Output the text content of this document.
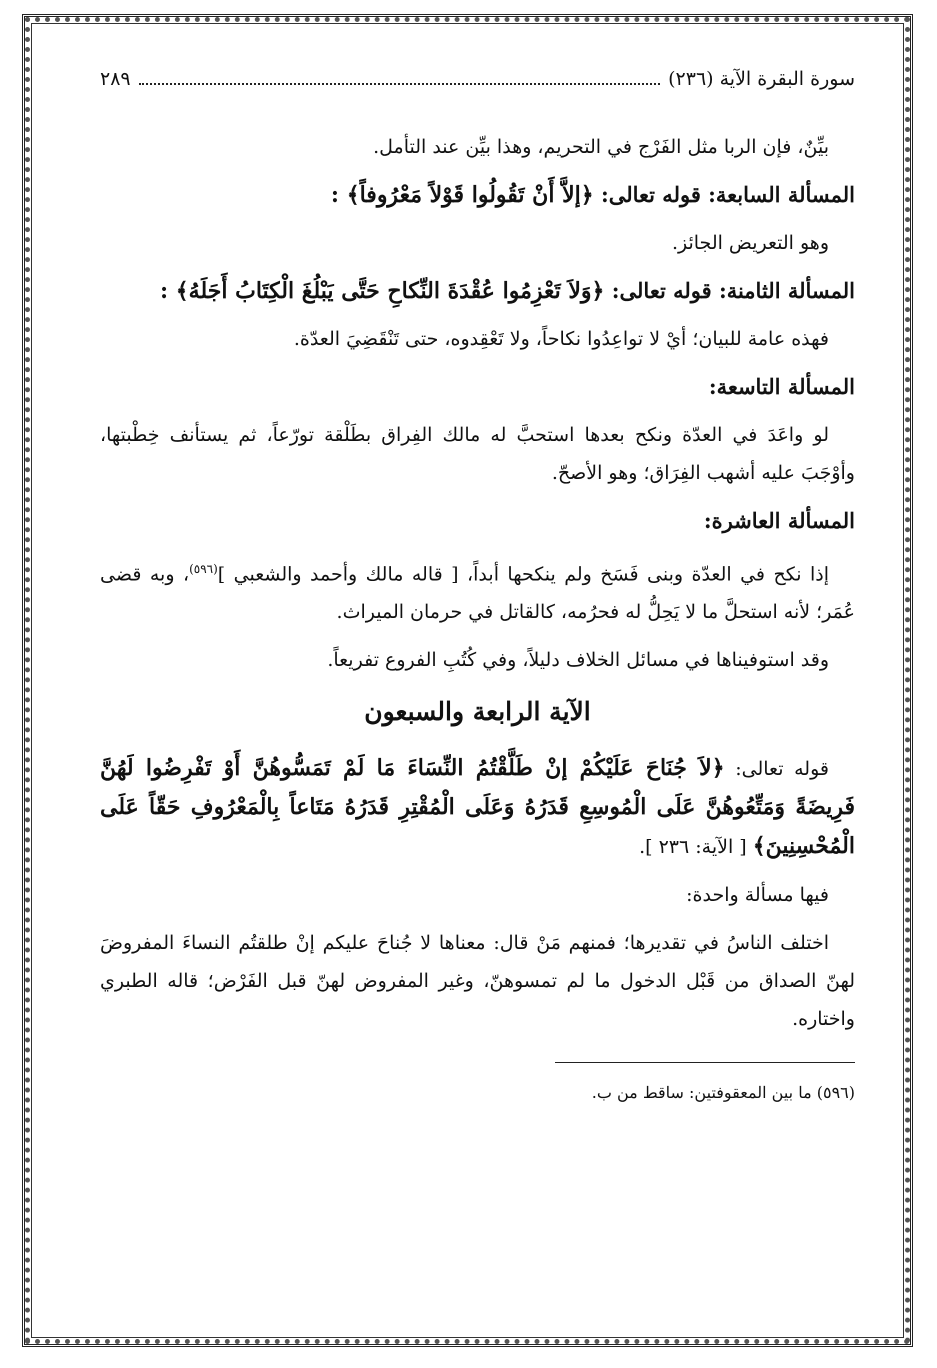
سورة البقرة الآية (٢٣٦)
٢٨٩

بيِّنٌ، فإن الربا مثل الفَرْج في التحريم، وهذا بيِّن عند التأمل.

المسألة السابعة: قوله تعالى: ﴿إلاَّ أَنْ تَقُولُوا قَوْلاً مَعْرُوفاً﴾ :

وهو التعريض الجائز.

المسألة الثامنة: قوله تعالى: ﴿وَلاَ تَعْزِمُوا عُقْدَةَ النِّكاحِ حَتَّى يَبْلُغَ الْكِتَابُ أَجَلَهُ﴾ :

فهذه عامة للبيان؛ أيْ لا تواعِدُوا نكاحاً، ولا تَعْقِدوه، حتى تَنْقَضِيَ العدّة.

المسألة التاسعة:

لو واعَدَ في العدّة ونكح بعدها استحبَّ له مالك الفِراق بطَلْقة تورّعاً، ثم يستأنف خِطْبتها، وأوْجَبَ عليه أشهب الفِرَاق؛ وهو الأصحّ.

المسألة العاشرة:

إذا نكح في العدّة وبنى فَسَخ ولم ينكحها أبداً، [ قاله مالك وأحمد والشعبي ]$^{(٥٩٦)}$، وبه قضى عُمَر؛ لأنه استحلَّ ما لا يَحِلُّ له فحرُمه، كالقاتل في حرمان الميراث.

وقد استوفيناها في مسائل الخلاف دليلاً، وفي كُتُبِ الفروع تفريعاً.

الآية الرابعة والسبعون

قوله تعالى: ﴿لاَ جُنَاحَ عَلَيْكُمْ إنْ طَلَّقْتُمُ النِّسَاءَ مَا لَمْ تَمَسُّوهُنَّ أَوْ تَفْرِضُوا لَهُنَّ فَرِيضَةً وَمَتِّعُوهُنَّ عَلَى الْمُوسِعِ قَدَرُهُ وَعَلَى الْمُقْتِرِ قَدَرُهُ مَتَاعاً بِالْمَعْرُوفِ حَقّاً عَلَى الْمُحْسِنِينَ﴾ [ الآية: ٢٣٦ ].

فيها مسألة واحدة:

اختلف الناسُ في تقديرها؛ فمنهم مَنْ قال: معناها لا جُناحَ عليكم إنْ طلقتُم النساءَ المفروضَ لهنّ الصداق من قَبْل الدخول ما لم تمسوهنّ، وغير المفروض لهنّ قبل الفَرْض؛ قاله الطبري واختاره.

(٥٩٦) ما بين المعقوفتين: ساقط من ب.
